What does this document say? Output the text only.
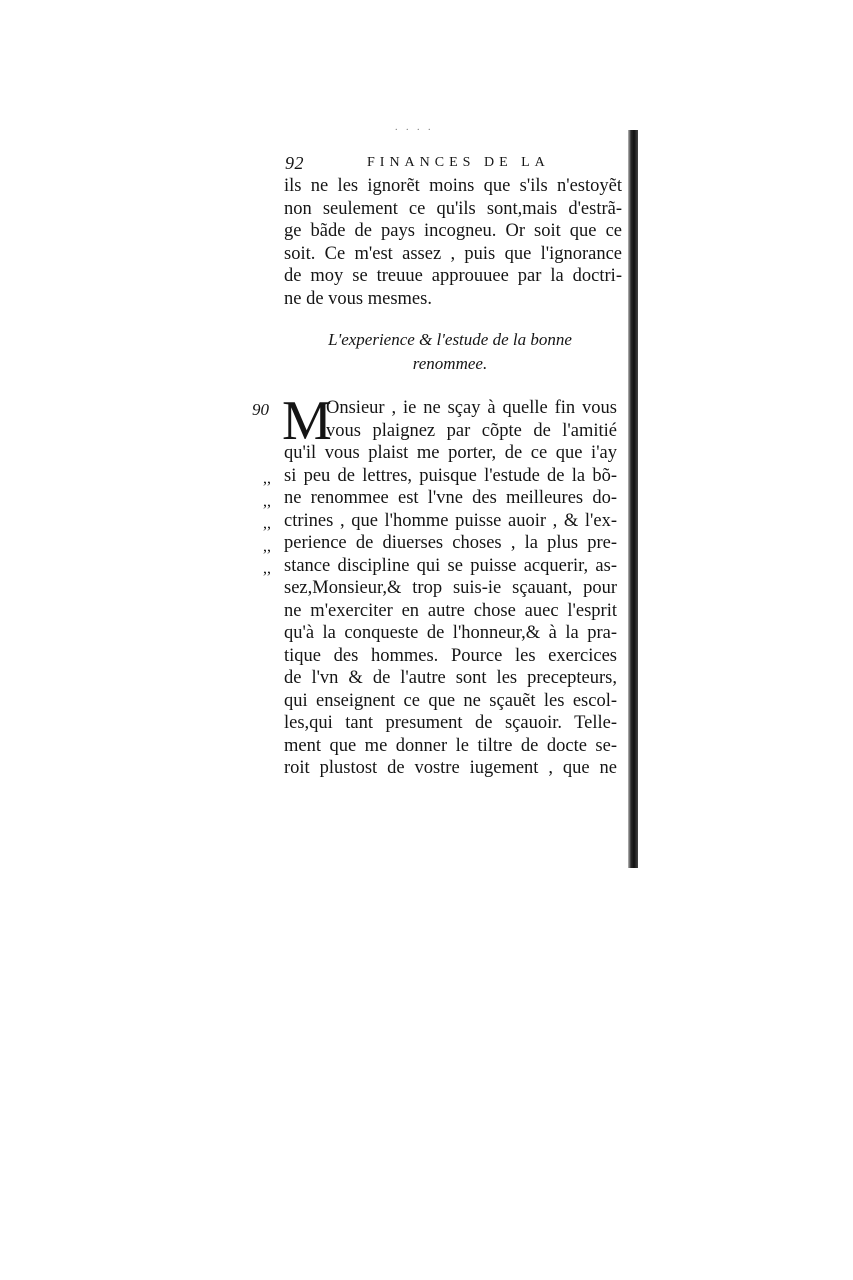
. . . .
92	FINANCES DE LA
ils ne les ignorẽt moins que s'ils n'estoyẽt
non seulement ce qu'ils sont,mais d'estrã-
ge bãde de pays incogneu. Or soit que ce
soit. Ce m'est assez , puis que l'ignorance
de moy se treuue approuuee par la doctri-
ne de vous mesmes.
L'experience & l'estude de la bonne
renommee.
90
,,
,,
,,
,,
,,
M
Onsieur , ie ne sçay à quelle fin vous
vous plaignez par cõpte de l'amitié
qu'il vous plaist me porter, de ce que i'ay
si peu de lettres, puisque l'estude de la bõ-
ne renommee est l'vne des meilleures do-
ctrines , que l'homme puisse auoir , & l'ex-
perience de diuerses choses , la plus pre-
stance discipline qui se puisse acquerir, as-
sez,Monsieur,& trop suis-ie sçauant, pour
ne m'exerciter en autre chose auec l'esprit
qu'à la conqueste de l'honneur,& à la pra-
tique des hommes. Pource les exercices
de l'vn & de l'autre sont les precepteurs,
qui enseignent ce que ne sçauẽt les escol-
les,qui tant presument de sçauoir. Telle-
ment que me donner le tiltre de docte se-
roit plustost de vostre iugement , que ne
